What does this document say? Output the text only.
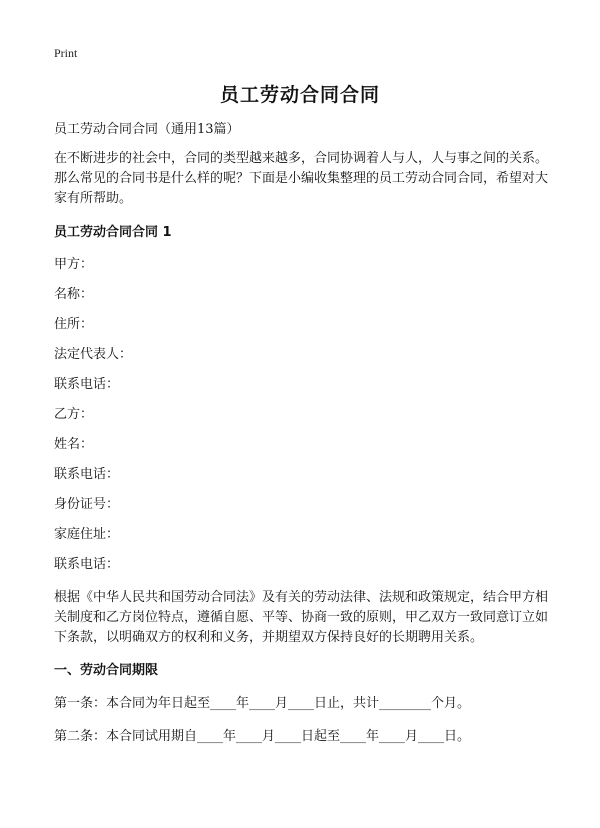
Print
员工劳动合同合同
员工劳动合同合同（通用13篇）
在不断进步的社会中，合同的类型越来越多，合同协调着人与人，人与事之间的关系。那么常见的合同书是什么样的呢？下面是小编收集整理的员工劳动合同合同，希望对大家有所帮助。
员工劳动合同合同 1
甲方：
名称：
住所：
法定代表人：
联系电话：
乙方：
姓名：
联系电话：
身份证号：
家庭住址：
联系电话：
根据《中华人民共和国劳动合同法》及有关的劳动法律、法规和政策规定，结合甲方相关制度和乙方岗位特点，遵循自愿、平等、协商一致的原则，甲乙双方一致同意订立如下条款，以明确双方的权利和义务，并期望双方保持良好的长期聘用关系。
一、劳动合同期限
第一条：本合同为年日起至____年____月____日止，共计________个月。
第二条：本合同试用期自____年____月____日起至____年____月____日。
